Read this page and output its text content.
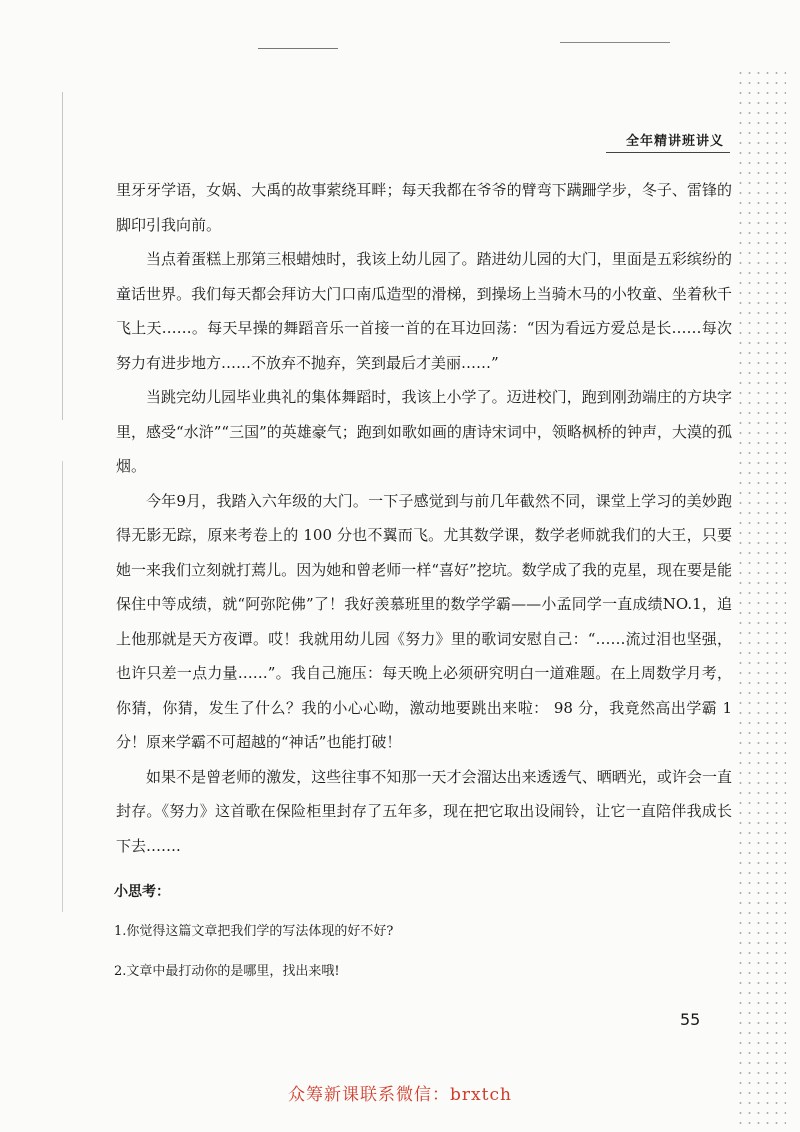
全年精讲班讲义

里牙牙学语，女娲、大禹的故事萦绕耳畔；每天我都在爷爷的臂弯下蹒跚学步，冬子、雷锋的脚印引我向前。

当点着蛋糕上那第三根蜡烛时，我该上幼儿园了。踏进幼儿园的大门，里面是五彩缤纷的童话世界。我们每天都会拜访大门口南瓜造型的滑梯，到操场上当骑木马的小牧童、坐着秋千飞上天……。每天早操的舞蹈音乐一首接一首的在耳边回荡：“因为看远方爱总是长……每次努力有进步地方……不放弃不抛弃，笑到最后才美丽……”

当跳完幼儿园毕业典礼的集体舞蹈时，我该上小学了。迈进校门，跑到刚劲端庄的方块字里，感受“水浒”“三国”的英雄豪气；跑到如歌如画的唐诗宋词中，领略枫桥的钟声，大漠的孤烟。

今年9月，我踏入六年级的大门。一下子感觉到与前几年截然不同，课堂上学习的美妙跑得无影无踪，原来考卷上的 100 分也不翼而飞。尤其数学课，数学老师就我们的大王，只要她一来我们立刻就打蔫儿。因为她和曾老师一样“喜好”挖坑。数学成了我的克星，现在要是能保住中等成绩，就“阿弥陀佛”了！我好羡慕班里的数学学霸——小孟同学一直成绩NO.1，追上他那就是天方夜谭。哎！我就用幼儿园《努力》里的歌词安慰自己：“……流过泪也坚强，也许只差一点力量……”。我自己施压：每天晚上必须研究明白一道难题。在上周数学月考，你猜，你猜，发生了什么？我的小心心呦，激动地要跳出来啦： 98 分，我竟然高出学霸 1 分！原来学霸不可超越的“神话”也能打破！

如果不是曾老师的激发，这些往事不知那一天才会溜达出来透透气、晒晒光，或许会一直封存。《努力》这首歌在保险柜里封存了五年多，现在把它取出设闹铃，让它一直陪伴我成长下去…….

小思考：
1.你觉得这篇文章把我们学的写法体现的好不好?
2.文章中最打动你的是哪里，找出来哦!
55
众筹新课联系微信：brxtch
